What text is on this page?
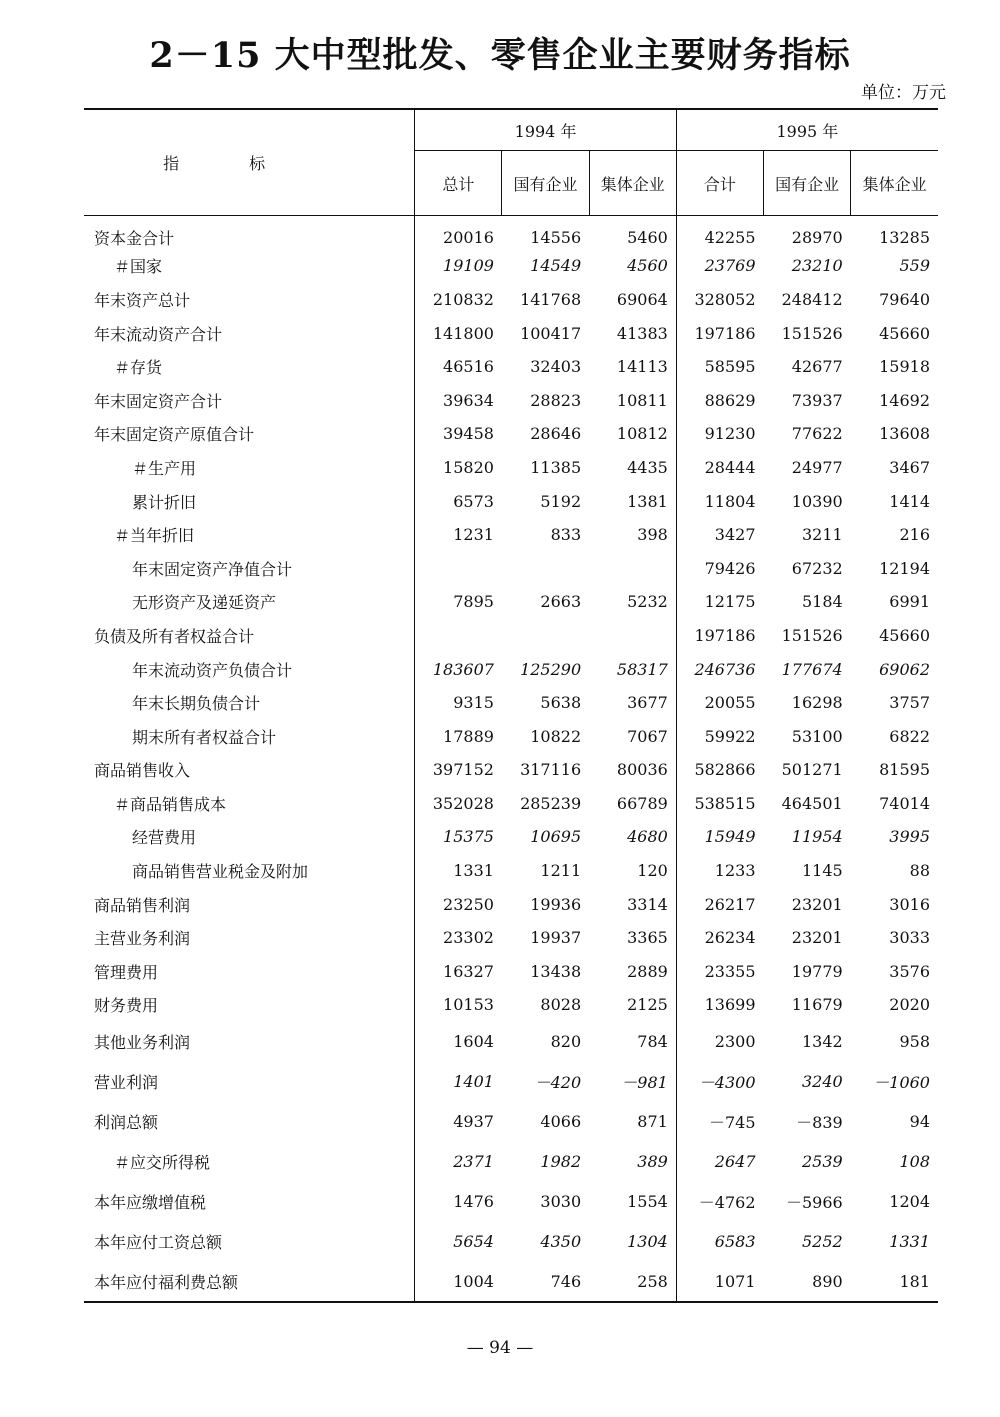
2－15 大中型批发、零售企业主要财务指标
单位：万元
指标	1994 年			1995 年		
	总计	国有企业	集体企业	合计	国有企业	集体企业
资本金合计	20016	14556	5460	42255	28970	13285
＃国家	19109	14549	4560	23769	23210	559
年末资产总计	210832	141768	69064	328052	248412	79640
年末流动资产合计	141800	100417	41383	197186	151526	45660
＃存货	46516	32403	14113	58595	42677	15918
年末固定资产合计	39634	28823	10811	88629	73937	14692
年末固定资产原值合计	39458	28646	10812	91230	77622	13608
＃生产用	15820	11385	4435	28444	24977	3467
累计折旧	6573	5192	1381	11804	10390	1414
＃当年折旧	1231	833	398	3427	3211	216
年末固定资产净值合计				79426	67232	12194
无形资产及递延资产	7895	2663	5232	12175	5184	6991
负债及所有者权益合计				197186	151526	45660
年末流动资产负债合计	183607	125290	58317	246736	177674	69062
年末长期负债合计	9315	5638	3677	20055	16298	3757
期末所有者权益合计	17889	10822	7067	59922	53100	6822
商品销售收入	397152	317116	80036	582866	501271	81595
＃商品销售成本	352028	285239	66789	538515	464501	74014
经营费用	15375	10695	4680	15949	11954	3995
商品销售营业税金及附加	1331	1211	120	1233	1145	88
商品销售利润	23250	19936	3314	26217	23201	3016
主营业务利润	23302	19937	3365	26234	23201	3033
管理费用	16327	13438	2889	23355	19779	3576
财务费用	10153	8028	2125	13699	11679	2020
其他业务利润	1604	820	784	2300	1342	958
营业利润	1401	－420	－981	－4300	3240	－1060
利润总额	4937	4066	871	－745	－839	94
＃应交所得税	2371	1982	389	2647	2539	108
本年应缴增值税	1476	3030	1554	－4762	－5966	1204
本年应付工资总额	5654	4350	1304	6583	5252	1331
本年应付福利费总额	1004	746	258	1071	890	181
— 94 —
